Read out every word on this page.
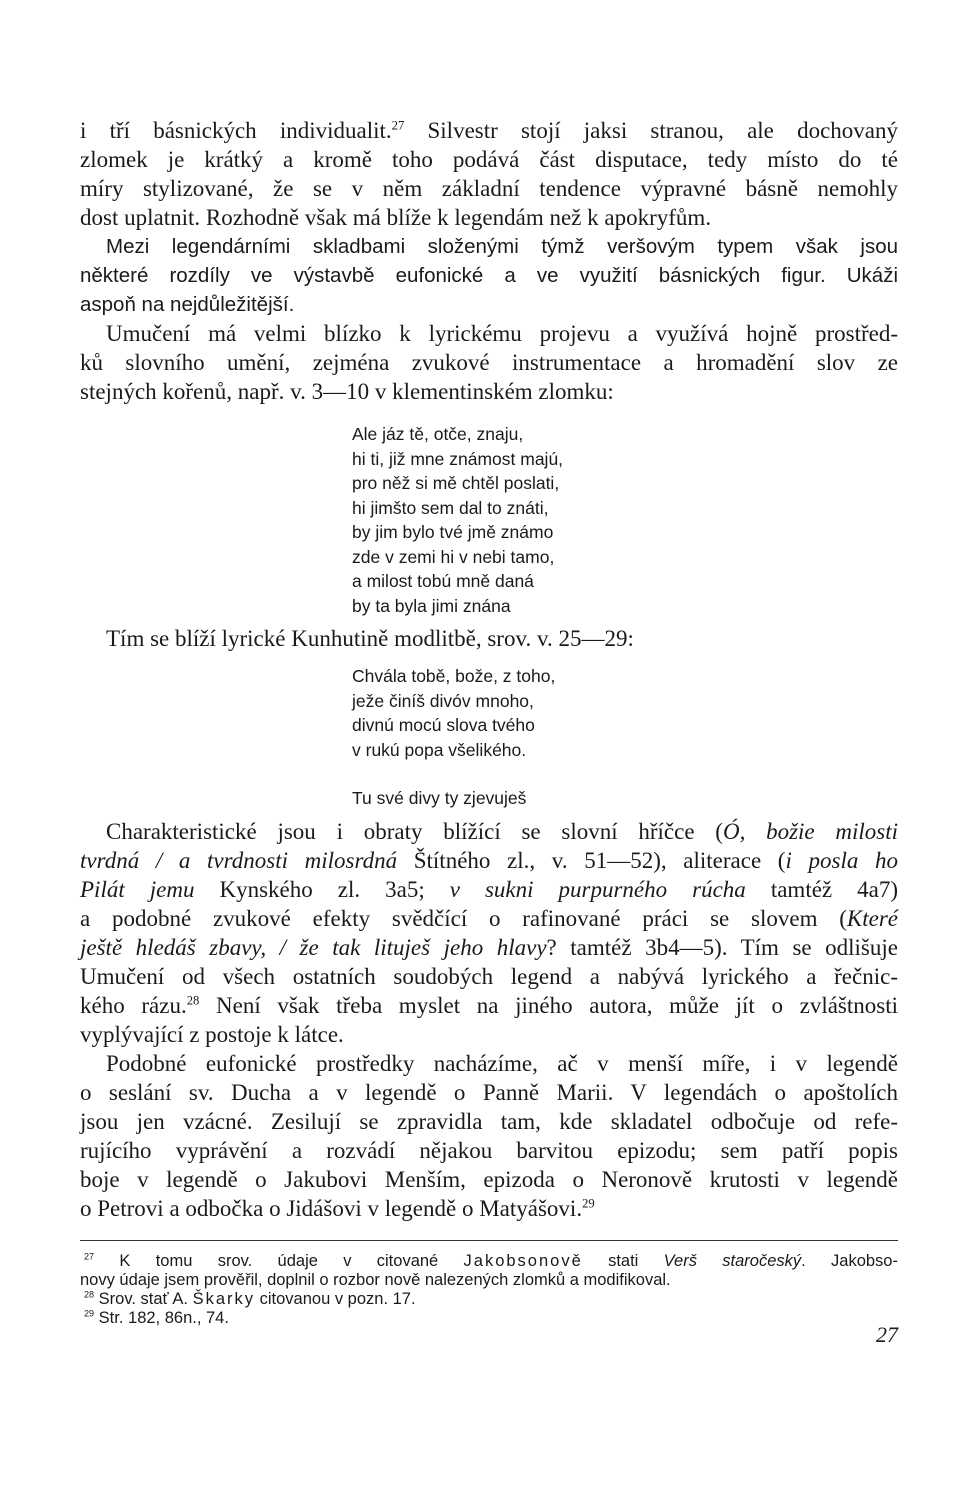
i tří básnických individualit.$^{27}$ Silvestr stojí jaksi stranou, ale dochovaný
zlomek je krátký a kromě toho podává část disputace, tedy místo do té
míry stylizované, že se v něm základní tendence výpravné básně nemohly
dost uplatnit. Rozhodně však má blíže k legendám než k apokryfům.
Mezi legendárními skladbami složenými týmž veršovým typem však jsou
některé rozdíly ve výstavbě eufonické a ve využití básnických figur. Ukáži
aspoň na nejdůležitější.
Umučení má velmi blízko k lyrickému projevu a využívá hojně prostřed-
ků slovního umění, zejména zvukové instrumentace a hromadění slov ze
stejných kořenů, např. v. 3—10 v klementinském zlomku:
Ale jáz tě, otče, znaju,
hi ti, již mne známost majú,
pro něž si mě chtěl poslati,
hi jimšto sem dal to znáti,
by jim bylo tvé jmě známo
zde v zemi hi v nebi tamo,
a milost tobú mně daná
by ta byla jimi znána
Tím se blíží lyrické Kunhutině modlitbě, srov. v. 25—29:
Chvála tobě, bože, z toho,
ježe činíš divóv mnoho,
divnú mocú slova tvého
v rukú popa všelikého.
Tu své divy ty zjevuješ
Charakteristické jsou i obraty blížící se slovní hříčce (Ó, božie milosti
tvrdná / a tvrdnosti milosrdná Štítného zl., v. 51—52), aliterace (i posla ho
Pilát jemu Kynského zl. 3a5; v sukni purpurného rúcha tamtéž 4a7)
a podobné zvukové efekty svědčící o rafinované práci se slovem (Které
ještě hledáš zbavy, / že tak lituješ jeho hlavy? tamtéž 3b4—5). Tím se odlišuje
Umučení od všech ostatních soudobých legend a nabývá lyrického a řečnic-
kého rázu.$^{28}$ Není však třeba myslet na jiného autora, může jít o zvláštnosti
vyplývající z postoje k látce.
Podobné eufonické prostředky nacházíme, ač v menší míře, i v legendě
o seslání sv. Ducha a v legendě o Panně Marii. V legendách o apoštolích
jsou jen vzácné. Zesilují se zpravidla tam, kde skladatel odbočuje od refe-
rujícího vyprávění a rozvádí nějakou barvitou epizodu; sem patří popis
boje v legendě o Jakubovi Menším, epizoda o Neronově krutosti v legendě
o Petrovi a odbočka o Jidášovi v legendě o Matyášovi.$^{29}$
$^{27}$ K tomu srov. údaje v citované Jakobsonově stati Verš staročeský. Jakobso-
novy údaje jsem prověřil, doplnil o rozbor nově nalezených zlomků a modifikoval.
$^{28}$ Srov. stať A. Škarky citovanou v pozn. 17.
$^{29}$ Str. 182, 86n., 74.
27
